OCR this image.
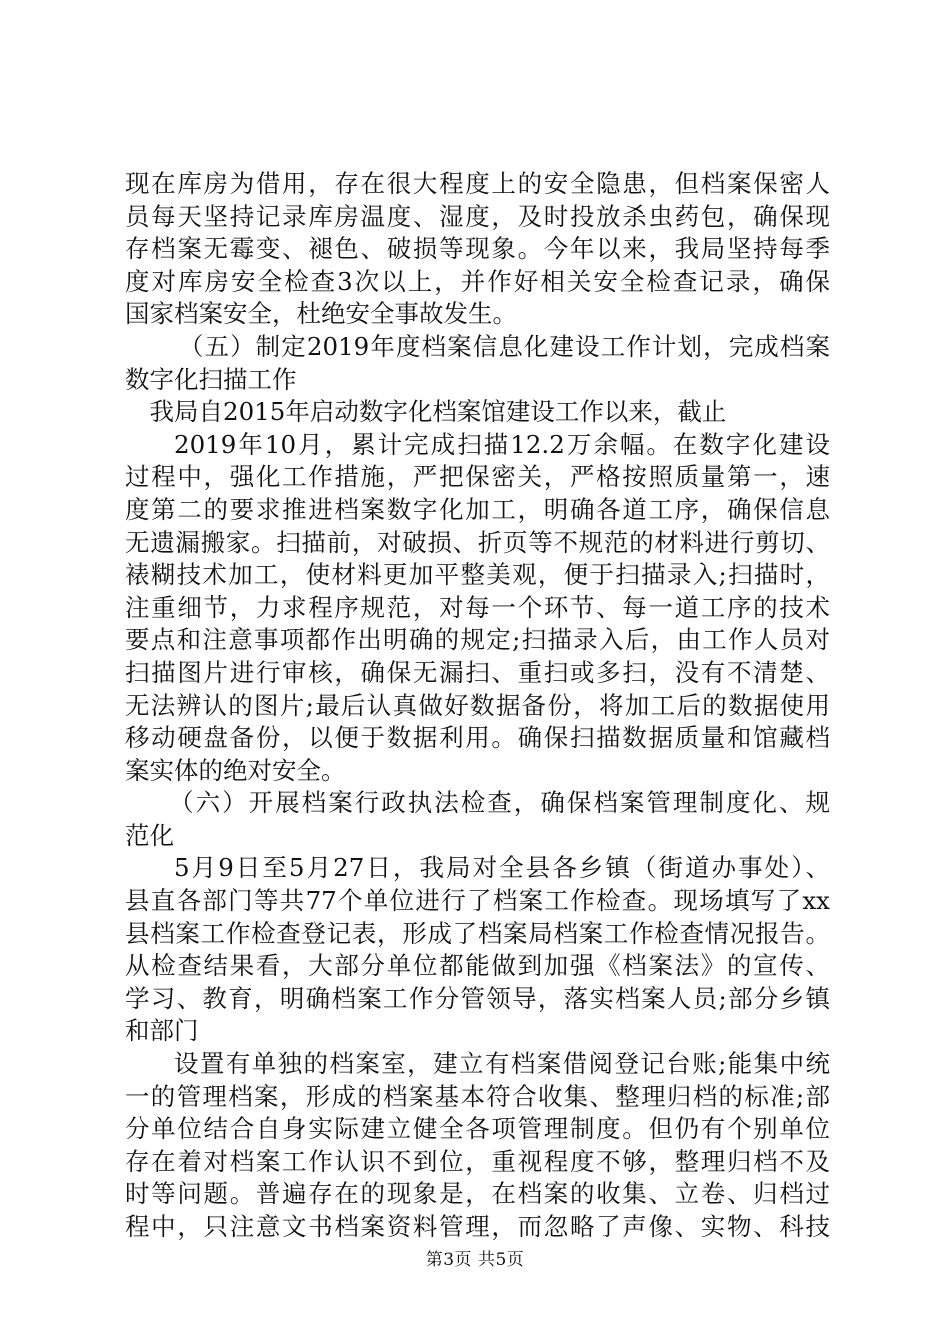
现在库房为借用，存在很大程度上的安全隐患，但档案保密人
员每天坚持记录库房温度、湿度，及时投放杀虫药包，确保现
存档案无霉变、褪色、破损等现象。今年以来，我局坚持每季
度对库房安全检查3次以上，并作好相关安全检查记录，确保
国家档案安全，杜绝安全事故发生。
（五）制定2019年度档案信息化建设工作计划，完成档案
数字化扫描工作
我局自2015年启动数字化档案馆建设工作以来，截止
2019年10月，累计完成扫描12.2万余幅。在数字化建设
过程中，强化工作措施，严把保密关，严格按照质量第一，速
度第二的要求推进档案数字化加工，明确各道工序，确保信息
无遗漏搬家。扫描前，对破损、折页等不规范的材料进行剪切、
裱糊技术加工，使材料更加平整美观，便于扫描录入;扫描时，
注重细节，力求程序规范，对每一个环节、每一道工序的技术
要点和注意事项都作出明确的规定;扫描录入后，由工作人员对
扫描图片进行审核，确保无漏扫、重扫或多扫，没有不清楚、
无法辨认的图片;最后认真做好数据备份，将加工后的数据使用
移动硬盘备份，以便于数据利用。确保扫描数据质量和馆藏档
案实体的绝对安全。
（六）开展档案行政执法检查，确保档案管理制度化、规
范化
5月9日至5月27日，我局对全县各乡镇（街道办事处）、
县直各部门等共77个单位进行了档案工作检查。现场填写了xx
县档案工作检查登记表，形成了档案局档案工作检查情况报告。
从检查结果看，大部分单位都能做到加强《档案法》的宣传、
学习、教育，明确档案工作分管领导，落实档案人员;部分乡镇
和部门
设置有单独的档案室，建立有档案借阅登记台账;能集中统
一的管理档案，形成的档案基本符合收集、整理归档的标准;部
分单位结合自身实际建立健全各项管理制度。但仍有个别单位
存在着对档案工作认识不到位，重视程度不够，整理归档不及
时等问题。普遍存在的现象是，在档案的收集、立卷、归档过
程中，只注意文书档案资料管理，而忽略了声像、实物、科技
第3页 共5页
